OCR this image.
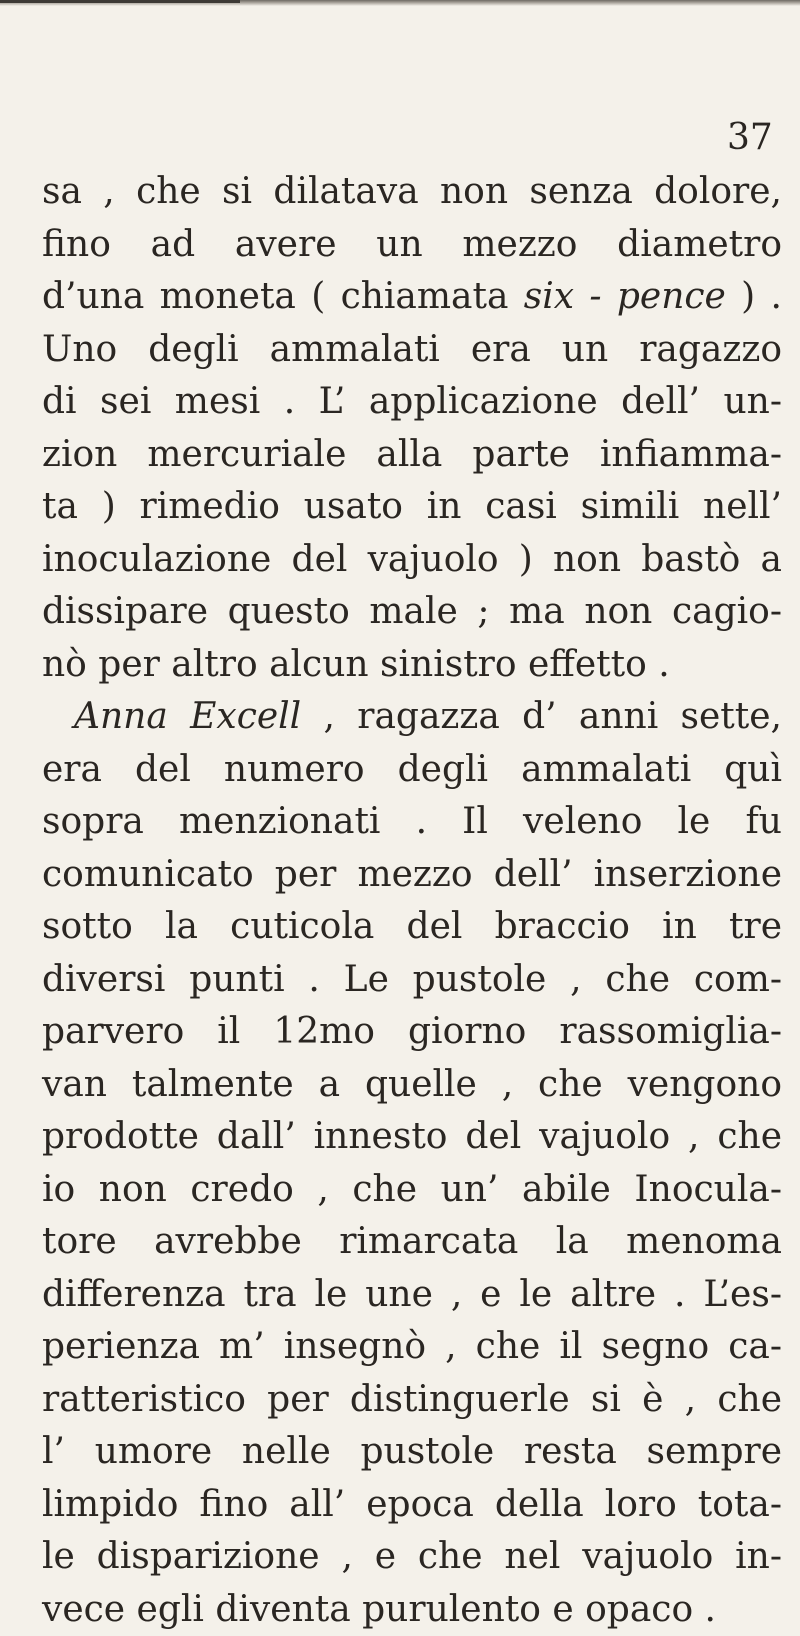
37
sa , che si dilatava non senza dolore,
fino ad avere un mezzo diametro
d’una moneta ( chiamata six - pence ) .
Uno degli ammalati era un ragazzo
di sei mesi . L’ applicazione dell’ un-
zion mercuriale alla parte infiamma-
ta ) rimedio usato in casi simili nell’
inoculazione del vajuolo ) non bastò a
dissipare questo male ; ma non cagio-
nò per altro alcun sinistro effetto .
Anna Excell , ragazza d’ anni sette,
era del numero degli ammalati quì
sopra menzionati . Il veleno le fu
comunicato per mezzo dell’ inserzione
sotto la cuticola del braccio in tre
diversi punti . Le pustole , che com-
parvero il 12mo giorno rassomiglia-
van talmente a quelle , che vengono
prodotte dall’ innesto del vajuolo , che
io non credo , che un’ abile Inocula-
tore avrebbe rimarcata la menoma
differenza tra le une , e le altre . L’es-
perienza m’ insegnò , che il segno ca-
ratteristico per distinguerle si è , che
l’ umore nelle pustole resta sempre
limpido fino all’ epoca della loro tota-
le disparizione , e che nel vajuolo in-
vece egli diventa purulento e opaco .
